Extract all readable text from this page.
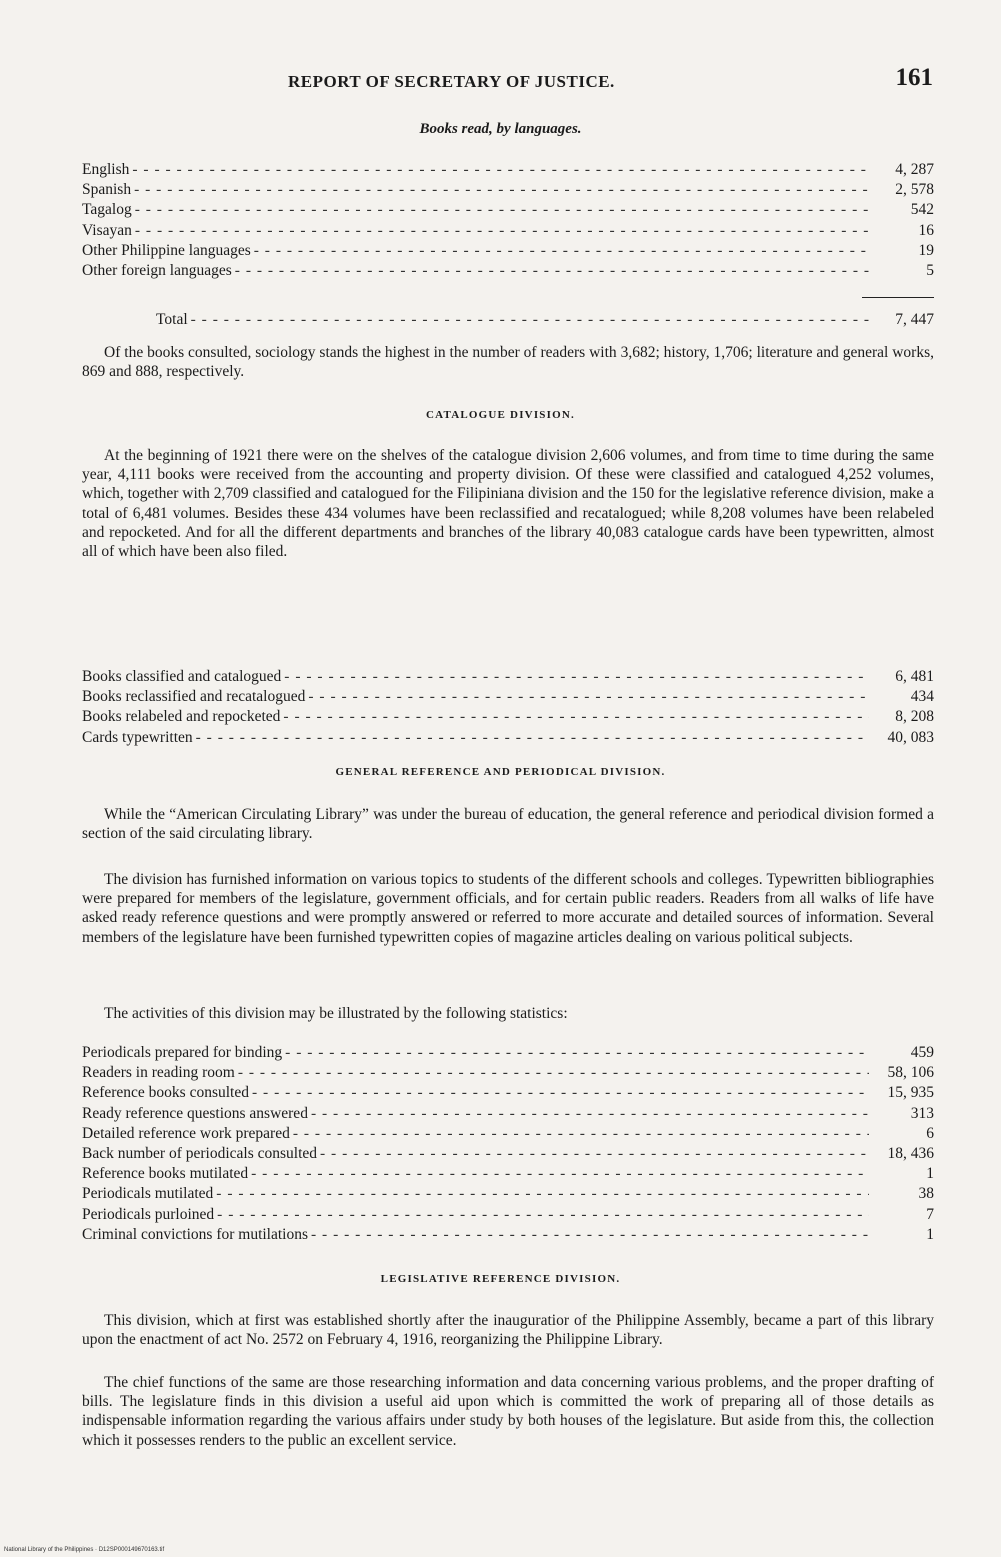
REPORT OF SECRETARY OF JUSTICE.	161
Books read, by languages.
English - - -	4, 287
Spanish - - -	2, 578
Tagalog - - -	542
Visayan - - -	16
Other Philippine languages - - -	19
Other foreign languages - - -	5
Total - - -	7, 447

Of the books consulted, sociology stands the highest in the number of readers with 3,682; history, 1,706; literature and general works, 869 and 888, respectively.

CATALOGUE DIVISION.

At the beginning of 1921 there were on the shelves of the catalogue division 2,606 volumes, and from time to time during the same year, 4,111 books were received from the accounting and property division. Of these were classified and catalogued 4,252 volumes, which, together with 2,709 classified and catalogued for the Filipiniana division and the 150 for the legislative reference division, make a total of 6,481 volumes. Besides these 434 volumes have been reclassified and recatalogued; while 8,208 volumes have been relabeled and repocketed. And for all the different departments and branches of the library 40,083 catalogue cards have been typewritten, almost all of which have been also filed.

Books classified and catalogued - - -	6, 481
Books reclassified and recatalogued - - -	434
Books relabeled and repocketed - - -	8, 208
Cards typewritten - - -	40, 083
GENERAL REFERENCE AND PERIODICAL DIVISION.

While the “American Circulating Library” was under the bureau of education, the general reference and periodical division formed a section of the said circulating library.

The division has furnished information on various topics to students of the different schools and colleges. Typewritten bibliographies were prepared for members of the legislature, government officials, and for certain public readers. Readers from all walks of life have asked ready reference questions and were promptly answered or referred to more accurate and detailed sources of information. Several members of the legislature have been furnished typewritten copies of magazine articles dealing on various political subjects.

The activities of this division may be illustrated by the following statistics:

Periodicals prepared for binding - - -	459
Readers in reading room - - -	58, 106
Reference books consulted - - -	15, 935
Ready reference questions answered - - -	313
Detailed reference work prepared - - -	6
Back number of periodicals consulted - - -	18, 436
Reference books mutilated - - -	1
Periodicals mutilated - - -	38
Periodicals purloined - - -	7
Criminal convictions for mutilations - - -	1
LEGISLATIVE REFERENCE DIVISION.

This division, which at first was established shortly after the inauguratior of the Philippine Assembly, became a part of this library upon the enactment of act No. 2572 on February 4, 1916, reorganizing the Philippine Library.

The chief functions of the same are those researching information and data concerning various problems, and the proper drafting of bills. The legislature finds in this division a useful aid upon which is committed the work of preparing all of those details as indispensable information regarding the various affairs under study by both houses of the legislature. But aside from this, the collection which it possesses renders to the public an excellent service.

National Library of the Philippines · D12SP000149670163.tif
